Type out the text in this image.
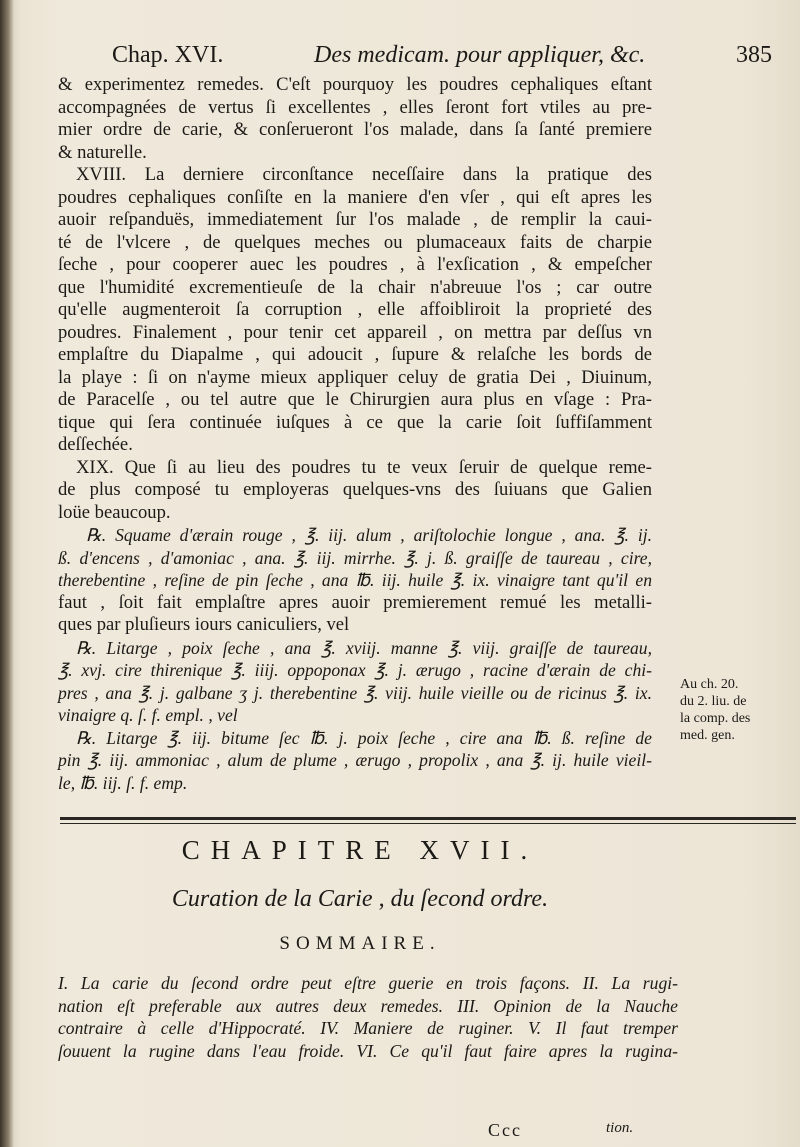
Chap. XVI.	Des medicam. pour appliquer, &c.	385
& experimentez remedes. C'eſt pourquoy les poudres cephaliques eſtant
accompagnées de vertus ſi excellentes , elles ſeront fort vtiles au pre-
mier ordre de carie, & conſerueront l'os malade, dans ſa ſanté premiere
& naturelle.
XVIII. La derniere circonſtance neceſſaire dans la pratique des
poudres cephaliques conſiſte en la maniere d'en vſer , qui eſt apres les
auoir reſpanduës, immediatement ſur l'os malade , de remplir la caui-
té de l'vlcere , de quelques meches ou plumaceaux faits de charpie
ſeche , pour cooperer auec les poudres , à l'exſication , & empeſcher
que l'humidité excrementieuſe de la chair n'abreuue l'os ; car outre
qu'elle augmenteroit ſa corruption , elle affoibliroit la proprieté des
poudres. Finalement , pour tenir cet appareil , on mettra par deſſus vn
emplaſtre du Diapalme , qui adoucit , ſupure & relaſche les bords de
la playe : ſi on n'ayme mieux appliquer celuy de gratia Dei , Diuinum,
de Paracelſe , ou tel autre que le Chirurgien aura plus en vſage : Pra-
tique qui ſera continuée iuſques à ce que la carie ſoit ſuffiſamment
deſſechée.
XIX. Que ſi au lieu des poudres tu te veux ſeruir de quelque reme-
de plus composé tu employeras quelques-vns des ſuiuans que Galien
loüe beaucoup.
℞. Squame d'ærain rouge , ℥. iij. alum , ariſtolochie longue , ana. ℥. ij.
ß. d'encens , d'amoniac , ana. ℥. iij. mirrhe. ℥. j. ß. graiſſe de taureau , cire,
therebentine , reſine de pin ſeche , ana ℔. iij. huile ℥. ix. vinaigre tant qu'il en
faut , ſoit fait emplaſtre apres auoir premierement remué les metalli-
ques par pluſieurs iours caniculiers, vel
℞. Litarge , poix ſeche , ana ℥. xviij. manne ℥. viij. graiſſe de taureau,
℥. xvj. cire thirenique ℥. iiij. oppoponax ℥. j. ærugo , racine d'ærain de chi-
pres , ana ℥. j. galbane ʒ j. therebentine ℥. viij. huile vieille ou de ricinus ℥. ix.
vinaigre q. ſ. f. empl. , vel
℞. Litarge ℥. iij. bitume ſec ℔. j. poix ſeche , cire ana ℔. ß. reſine de
pin ℥. iij. ammoniac , alum de plume , ærugo , propolix , ana ℥. ij. huile vieil-
le, ℔. iij. ſ. f. emp.
Au ch. 20.
du 2. liu. de
la comp. des
med. gen.
CHAPITRE XVII.
Curation de la Carie , du ſecond ordre.
SOMMAIRE.
I. La carie du ſecond ordre peut eſtre guerie en trois façons. II. La rugi-
nation eſt preferable aux autres deux remedes. III. Opinion de la Nauche
contraire à celle d'Hippocraté. IV. Maniere de ruginer. V. Il faut tremper
ſouuent la rugine dans l'eau froide. VI. Ce qu'il faut faire apres la rugina-
Ccc	tion.
